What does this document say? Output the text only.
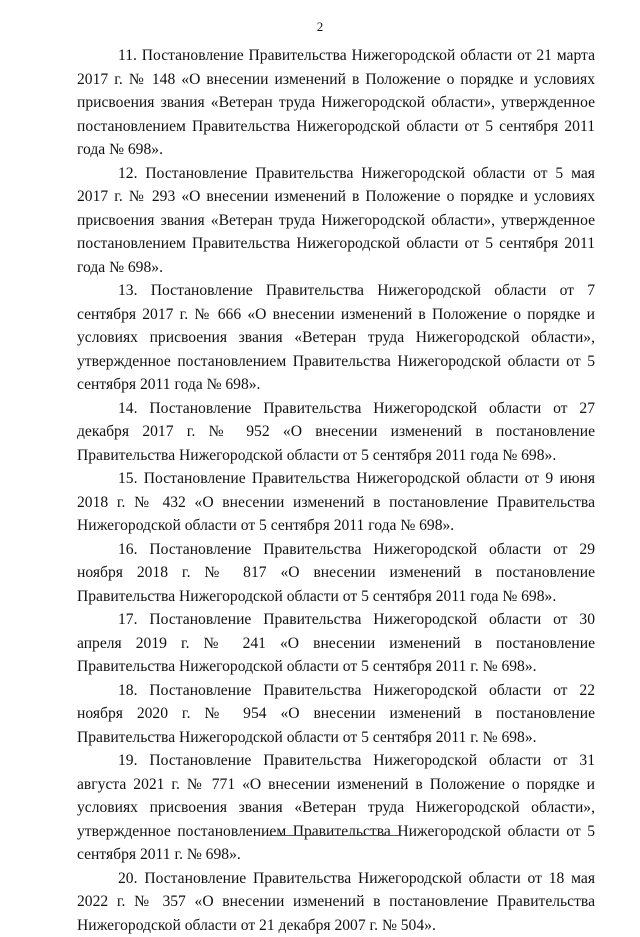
2

11. Постановление Правительства Нижегородской области от 21 марта 2017 г. № 148 «О внесении изменений в Положение о порядке и условиях присвоения звания «Ветеран труда Нижегородской области», утвержденное постановлением Правительства Нижегородской области от 5 сентября 2011 года № 698».

12. Постановление Правительства Нижегородской области от 5 мая 2017 г. № 293 «О внесении изменений в Положение о порядке и условиях присвоения звания «Ветеран труда Нижегородской области», утвержденное постановлением Правительства Нижегородской области от 5 сентября 2011 года № 698».

13. Постановление Правительства Нижегородской области от 7 сентября 2017 г. № 666 «О внесении изменений в Положение о порядке и условиях присвоения звания «Ветеран труда Нижегородской области», утвержденное постановлением Правительства Нижегородской области от 5 сентября 2011 года № 698».

14. Постановление Правительства Нижегородской области от 27 декабря 2017 г. № 952 «О внесении изменений в постановление Правительства Нижегородской области от 5 сентября 2011 года № 698».

15. Постановление Правительства Нижегородской области от 9 июня 2018 г. № 432 «О внесении изменений в постановление Правительства Нижегородской области от 5 сентября 2011 года № 698».

16. Постановление Правительства Нижегородской области от 29 ноября 2018 г. № 817 «О внесении изменений в постановление Правительства Нижегородской области от 5 сентября 2011 года № 698».

17. Постановление Правительства Нижегородской области от 30 апреля 2019 г. № 241 «О внесении изменений в постановление Правительства Нижегородской области от 5 сентября 2011 г. № 698».

18. Постановление Правительства Нижегородской области от 22 ноября 2020 г. № 954 «О внесении изменений в постановление Правительства Нижегородской области от 5 сентября 2011 г. № 698».

19. Постановление Правительства Нижегородской области от 31 августа 2021 г. № 771 «О внесении изменений в Положение о порядке и условиях присвоения звания «Ветеран труда Нижегородской области», утвержденное постановлением Правительства Нижегородской области от 5 сентября 2011 г. № 698».

20. Постановление Правительства Нижегородской области от 18 мая 2022 г. № 357 «О внесении изменений в постановление Правительства Нижегородской области от 21 декабря 2007 г. № 504».
